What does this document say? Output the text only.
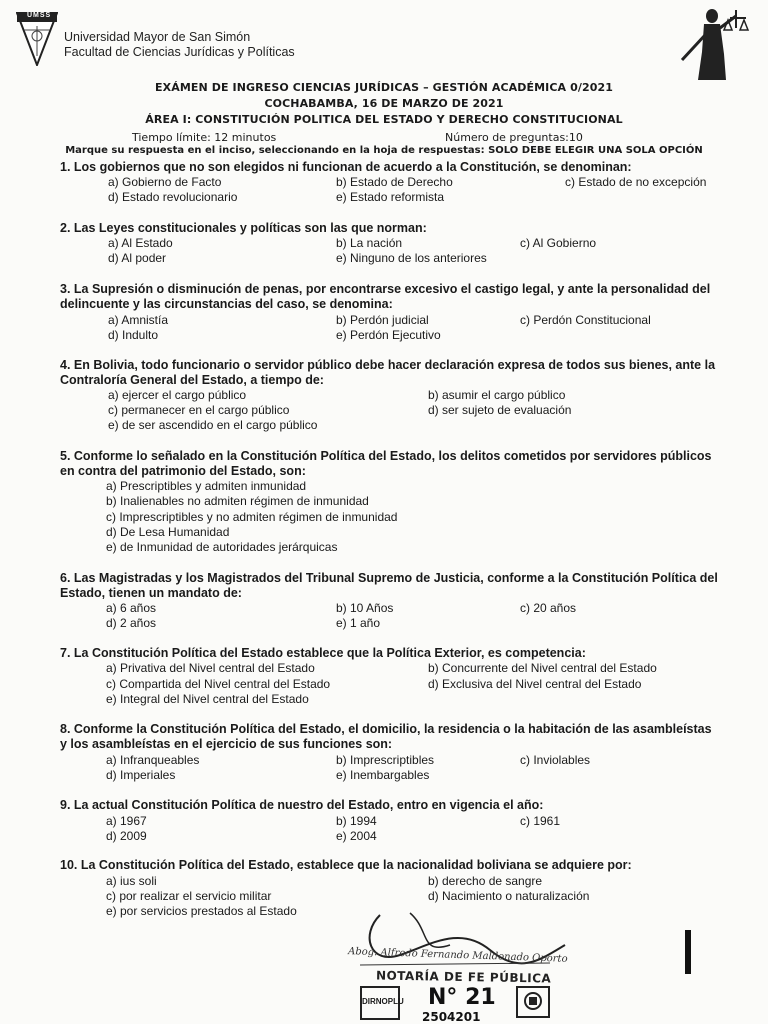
UMSS
Universidad Mayor de San Simón
Facultad de Ciencias Jurídicas y Políticas
EXÁMEN DE INGRESO CIENCIAS JURÍDICAS – GESTIÓN ACADÉMICA 0/2021
COCHABAMBA, 16 DE MARZO DE 2021
ÁREA I: CONSTITUCIÓN POLITICA DEL ESTADO Y DERECHO CONSTITUCIONAL
Tiempo límite: 12 minutos	Número de preguntas:10
Marque su respuesta en el inciso, seleccionando en la hoja de respuestas: SOLO DEBE ELEGIR UNA SOLA OPCIÓN
1. Los gobiernos que no son elegidos ni funcionan de acuerdo a la Constitución, se denominan:
a) Gobierno de Facto	b) Estado de Derecho	c) Estado de no excepción
d) Estado revolucionario	e) Estado reformista
2. Las Leyes constitucionales y políticas son las que norman:
a) Al Estado	b) La nación	c) Al Gobierno
d) Al poder	e) Ninguno de los anteriores
3. La Supresión o disminución de penas, por encontrarse excesivo el castigo legal, y ante la personalidad del
delincuente y las circunstancias del caso, se denomina:
a) Amnistía	b) Perdón judicial	c) Perdón Constitucional
d) Indulto	e) Perdón Ejecutivo
4. En Bolivia, todo funcionario o servidor público debe hacer declaración expresa de todos sus bienes, ante la
Contraloría General del Estado, a tiempo de:
a) ejercer el cargo público	b) asumir el cargo público
c) permanecer en el cargo público	d) ser sujeto de evaluación
e) de ser ascendido en el cargo público
5. Conforme lo señalado en la Constitución Política del Estado, los delitos cometidos por servidores públicos
en contra del patrimonio del Estado, son:
a) Prescriptibles y admiten inmunidad
b) Inalienables no admiten régimen de inmunidad
c) Imprescriptibles y no admiten régimen de inmunidad
d) De Lesa Humanidad
e) de Inmunidad de autoridades jerárquicas
6. Las Magistradas y los Magistrados del Tribunal Supremo de Justicia, conforme a la Constitución Política del
Estado, tienen un mandato de:
a) 6 años	b) 10 Años	c) 20 años
d) 2 años	e) 1 año
7. La Constitución Política del Estado establece que la Política Exterior, es competencia:
a) Privativa del Nivel central del Estado	b) Concurrente del Nivel central del Estado
c) Compartida del Nivel central del Estado	d) Exclusiva del Nivel central del Estado
e) Integral del Nivel central del Estado
8. Conforme la Constitución Política del Estado, el domicilio, la residencia o la habitación de las asambleístas
y los asambleístas en el ejercicio de sus funciones son:
a) Infranqueables	b) Imprescriptibles	c) Inviolables
d) Imperiales	e) Inembargables
9. La actual Constitución Política de nuestro del Estado, entro en vigencia el año:
a) 1967	b) 1994	c) 1961
d) 2009	e) 2004
10. La Constitución Política del Estado, establece que la nacionalidad boliviana se adquiere por:
a) ius soli	b) derecho de sangre
c) por realizar el servicio militar	d) Nacimiento o naturalización
e) por servicios prestados al Estado
Abog. Alfredo Fernando Maldonado Oporto
NOTARÍA DE FE PÚBLICA
N° 21
2504201
DIRNOPLU
